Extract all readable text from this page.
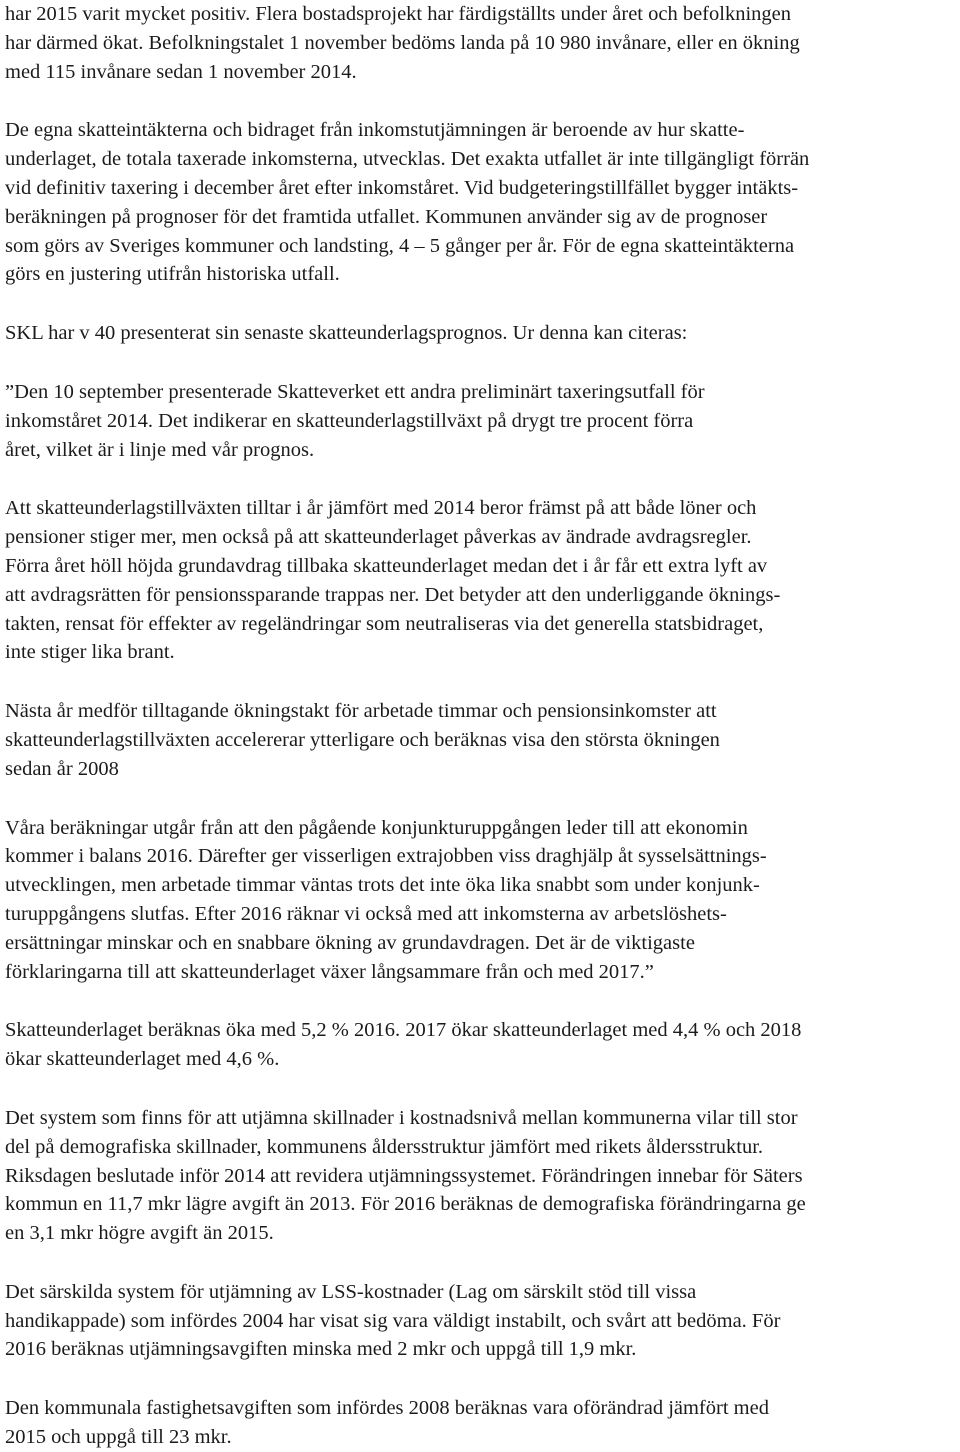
har 2015 varit mycket positiv. Flera bostadsprojekt har färdigställts under året och befolkningen
har därmed ökat. Befolkningstalet 1 november bedöms landa på 10 980 invånare, eller en ökning
med 115 invånare sedan 1 november 2014.

De egna skatteintäkterna och bidraget från inkomstutjämningen är beroende av hur skatte-
underlaget, de totala taxerade inkomsterna, utvecklas. Det exakta utfallet är inte tillgängligt förrän
vid definitiv taxering i december året efter inkomståret. Vid budgeteringstillfället bygger intäkts-
beräkningen på prognoser för det framtida utfallet. Kommunen använder sig av de prognoser
som görs av Sveriges kommuner och landsting, 4 – 5 gånger per år. För de egna skatteintäkterna
görs en justering utifrån historiska utfall.

SKL har v 40 presenterat sin senaste skatteunderlagsprognos. Ur denna kan citeras:

”Den 10 september presenterade Skatteverket ett andra preliminärt taxeringsutfall för
inkomståret 2014. Det indikerar en skatteunderlagstillväxt på drygt tre procent förra
året, vilket är i linje med vår prognos.

Att skatteunderlagstillväxten tilltar i år jämfört med 2014 beror främst på att både löner och
pensioner stiger mer, men också på att skatteunderlaget påverkas av ändrade avdragsregler.
Förra året höll höjda grundavdrag tillbaka skatteunderlaget medan det i år får ett extra lyft av
att avdragsrätten för pensionssparande trappas ner. Det betyder att den underliggande öknings-
takten, rensat för effekter av regeländringar som neutraliseras via det generella statsbidraget,
inte stiger lika brant.

Nästa år medför tilltagande ökningstakt för arbetade timmar och pensionsinkomster att
skatteunderlagstillväxten accelererar ytterligare och beräknas visa den största ökningen
sedan år 2008

Våra beräkningar utgår från att den pågående konjunkturuppgången leder till att ekonomin
kommer i balans 2016. Därefter ger visserligen extrajobben viss draghjälp åt sysselsättnings-
utvecklingen, men arbetade timmar väntas trots det inte öka lika snabbt som under konjunk-
turuppgångens slutfas. Efter 2016 räknar vi också med att inkomsterna av arbetslöshets-
ersättningar minskar och en snabbare ökning av grundavdragen. Det är de viktigaste
förklaringarna till att skatteunderlaget växer långsammare från och med 2017.”

Skatteunderlaget beräknas öka med 5,2 % 2016. 2017 ökar skatteunderlaget med 4,4 % och 2018
ökar skatteunderlaget med 4,6 %.

Det system som finns för att utjämna skillnader i kostnadsnivå mellan kommunerna vilar till stor
del på demografiska skillnader, kommunens åldersstruktur jämfört med rikets åldersstruktur.
Riksdagen beslutade inför 2014 att revidera utjämningssystemet. Förändringen innebar för Säters
kommun en 11,7 mkr lägre avgift än 2013. För 2016 beräknas de demografiska förändringarna ge
en 3,1 mkr högre avgift än 2015.

Det särskilda system för utjämning av LSS-kostnader (Lag om särskilt stöd till vissa
handikappade) som infördes 2004 har visat sig vara väldigt instabilt, och svårt att bedöma. För
2016 beräknas utjämningsavgiften minska med 2 mkr och uppgå till 1,9 mkr.

Den kommunala fastighetsavgiften som infördes 2008 beräknas vara oförändrad jämfört med
2015 och uppgå till 23 mkr.
